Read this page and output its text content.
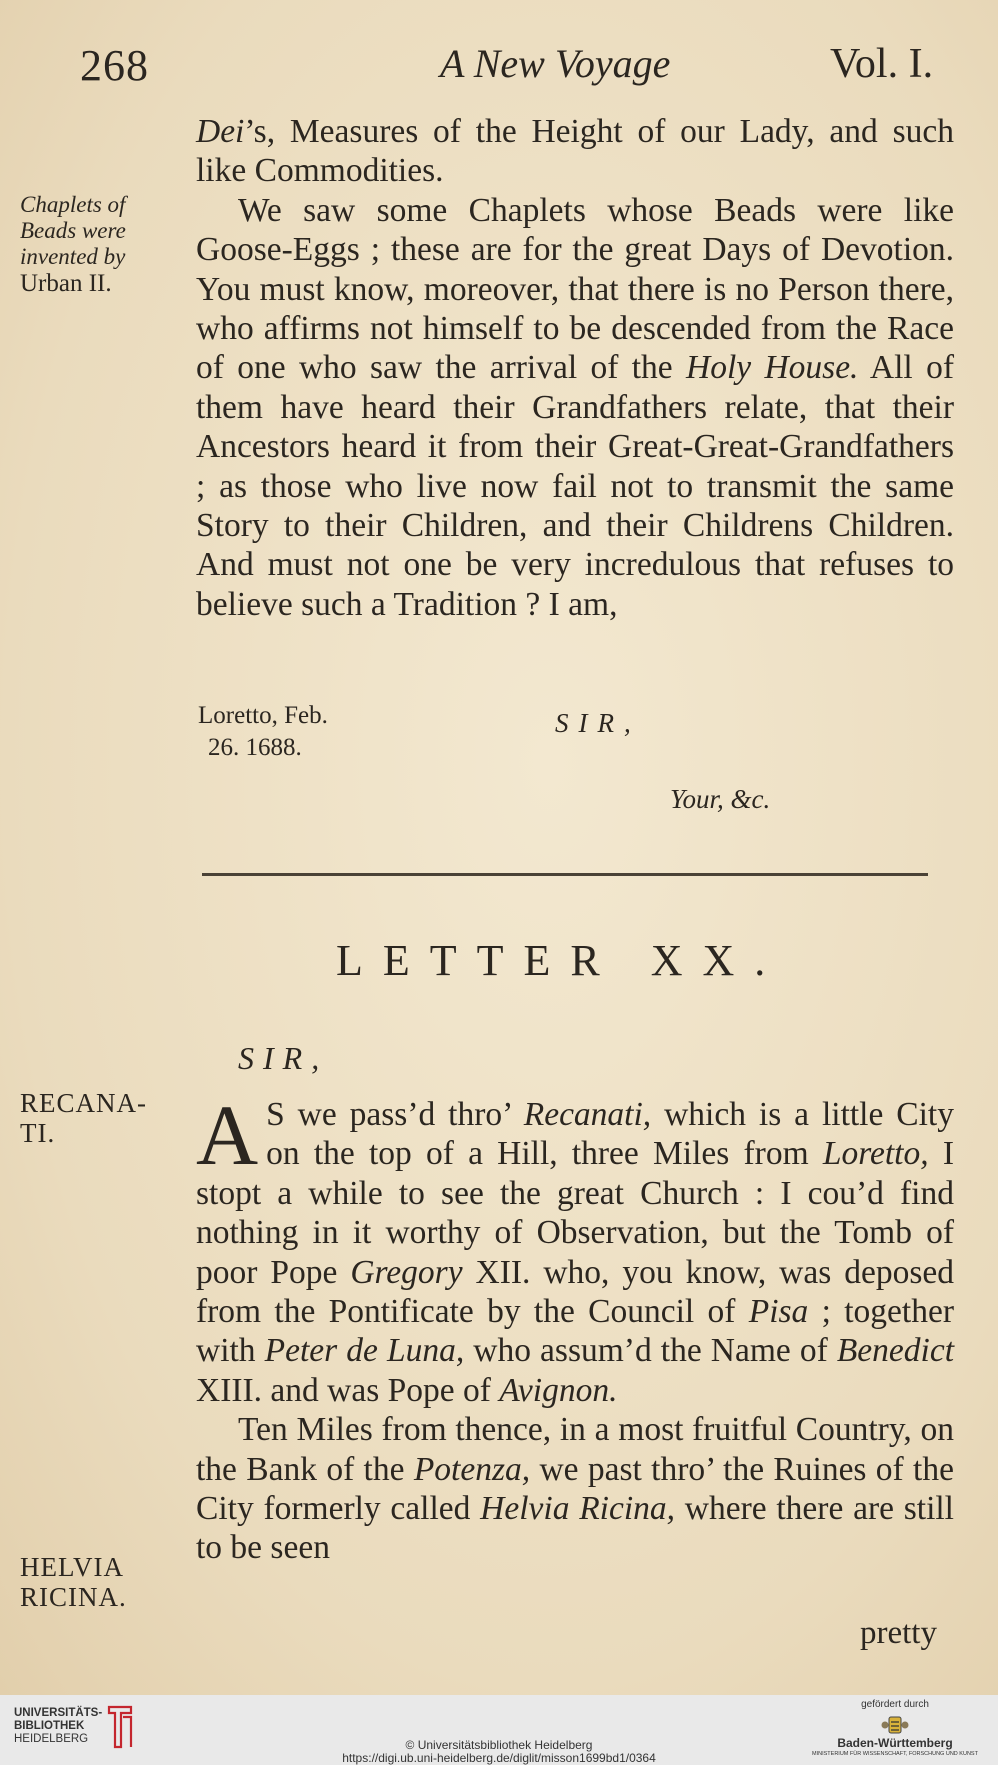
268	A New Voyage	Vol. I.
Chaplets of
Beads were
invented by
Urban II.
RECANA-
TI.
HELVIA
RICINA.

Dei’s, Measures of the Height of our Lady, and such like Commodities.

We saw some Chaplets whose Beads were like Goose-Eggs ; these are for the great Days of Devotion. You must know, moreover, that there is no Person there, who affirms not himself to be descended from the Race of one who saw the arrival of the Holy House. All of them have heard their Grandfathers relate, that their Ancestors heard it from their Great-Great-Grandfathers ; as those who live now fail not to transmit the same Story to their Children, and their Childrens Children. And must not one be very incredulous that refuses to believe such a Tradition ? I am,

Loretto, Feb.
26. 1688.
SIR,
Your, &c.
LETTER XX.
SIR,

A S we pass’d thro’ Recanati, which is a little City on the top of a Hill, three Miles from Loretto, I stopt a while to see the great Church : I cou’d find nothing in it worthy of Observation, but the Tomb of poor Pope Gregory XII. who, you know, was deposed from the Pontificate by the Council of Pisa ; together with Peter de Luna, who assum’d the Name of Benedict XIII. and was Pope of Avignon.

Ten Miles from thence, in a most fruitful Country, on the Bank of the Potenza, we past thro’ the Ruines of the City formerly called Helvia Ricina, where there are still to be seen

pretty
UNIVERSITÄTS-
BIBLIOTHEK
HEIDELBERG	© Universitätsbibliothek Heidelberg
https://digi.ub.uni-heidelberg.de/diglit/misson1699bd1/0364
gefördert durch
Baden-Württemberg
MINISTERIUM FÜR WISSENSCHAFT, FORSCHUNG UND KUNST
